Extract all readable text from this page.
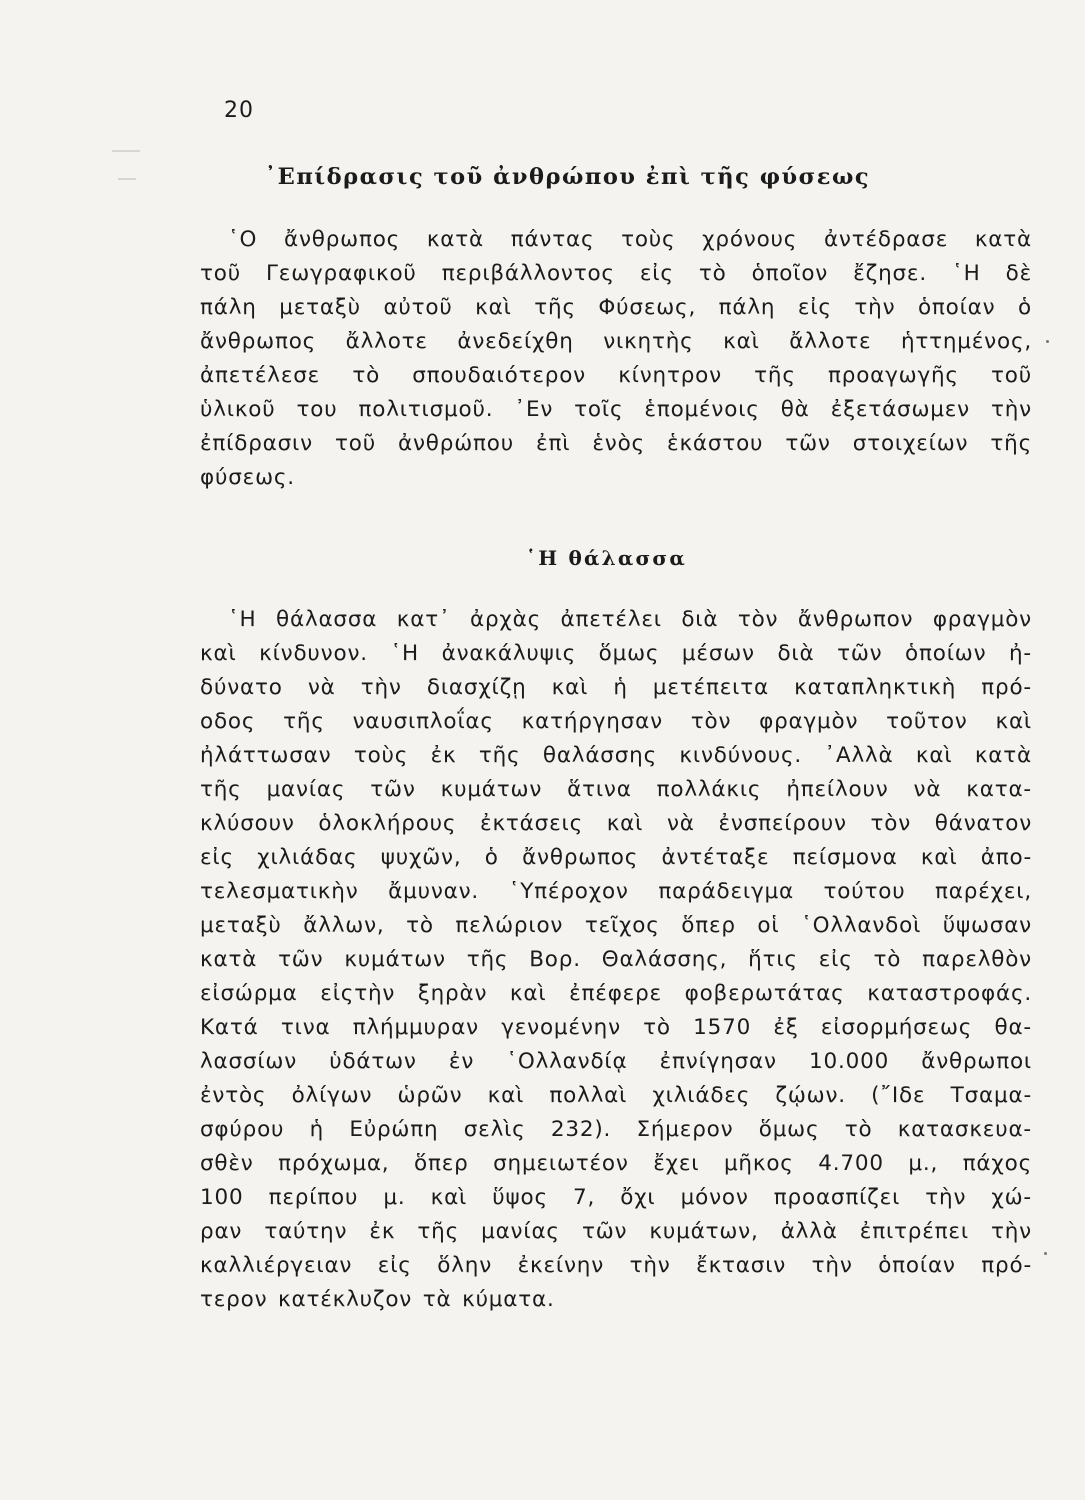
20
᾿Επίδρασις τοῦ ἀνθρώπου ἐπὶ τῆς φύσεως
῾Ο ἄνθρωπος κατὰ πάντας τοὺς χρόνους ἀντέδρασε κατὰ
τοῦ Γεωγραφικοῦ περιβάλλοντος εἰς τὸ ὁποῖον ἔζησε. ῾Η δὲ
πάλη μεταξὺ αὐτοῦ καὶ τῆς Φύσεως, πάλη εἰς τὴν ὁποίαν ὁ
ἄνθρωπος ἄλλοτε ἀνεδείχθη νικητὴς καὶ ἄλλοτε ἡττημένος,
ἀπετέλεσε τὸ σπουδαιότερον κίνητρον τῆς προαγωγῆς τοῦ
ὑλικοῦ του πολιτισμοῦ. ᾿Εν τοῖς ἑπομένοις θὰ ἐξετάσωμεν τὴν
ἐπίδρασιν τοῦ ἀνθρώπου ἐπὶ ἑνὸς ἑκάστου τῶν στοιχείων τῆς
φύσεως.
῾Η θάλασσα
῾Η θάλασσα κατ᾿ ἀρχὰς ἀπετέλει διὰ τὸν ἄνθρωπον φραγμὸν
καὶ κίνδυνον. ῾Η ἀνακάλυψις ὅμως μέσων διὰ τῶν ὁποίων ἠ-
δύνατο νὰ τὴν διασχίζῃ καὶ ἡ μετέπειτα καταπληκτικὴ πρό-
οδος τῆς ναυσιπλοΐας κατήργησαν τὸν φραγμὸν τοῦτον καὶ
ἠλάττωσαν τοὺς ἐκ τῆς θαλάσσης κινδύνους. ᾿Αλλὰ καὶ κατὰ
τῆς μανίας τῶν κυμάτων ἅτινα πολλάκις ἠπείλουν νὰ κατα-
κλύσουν ὁλοκλήρους ἐκτάσεις καὶ νὰ ἐνσπείρουν τὸν θάνατον
εἰς χιλιάδας ψυχῶν, ὁ ἄνθρωπος ἀντέταξε πείσμονα καὶ ἀπο-
τελεσματικὴν ἄμυναν. ῾Υπέροχον παράδειγμα τούτου παρέχει,
μεταξὺ ἄλλων, τὸ πελώριον τεῖχος ὅπερ οἱ ῾Ολλανδοὶ ὕψωσαν
κατὰ τῶν κυμάτων τῆς Βορ. Θαλάσσης, ἥτις εἰς τὸ παρελθὸν
εἰσώρμα εἰςτὴν ξηρὰν καὶ ἐπέφερε φοβερωτάτας καταστροφάς.
Κατά τινα πλήμμυραν γενομένην τὸ 1570 ἐξ εἰσορμήσεως θα-
λασσίων ὑδάτων ἐν ῾Ολλανδίᾳ ἐπνίγησαν 10.000 ἄνθρωποι
ἐντὸς ὀλίγων ὡρῶν καὶ πολλαὶ χιλιάδες ζῴων. (῎Ιδε Τσαμα-
σφύρου ἡ Εὐρώπη σελὶς 232). Σήμερον ὅμως τὸ κατασκευα-
σθὲν πρόχωμα, ὅπερ σημειωτέον ἔχει μῆκος 4.700 μ., πάχος
100 περίπου μ. καὶ ὕψος 7, ὄχι μόνον προασπίζει τὴν χώ-
ραν ταύτην ἐκ τῆς μανίας τῶν κυμάτων, ἀλλὰ ἐπιτρέπει τὴν
καλλιέργειαν εἰς ὅλην ἐκείνην τὴν ἔκτασιν τὴν ὁποίαν πρό-
τερον κατέκλυζον τὰ κύματα.
